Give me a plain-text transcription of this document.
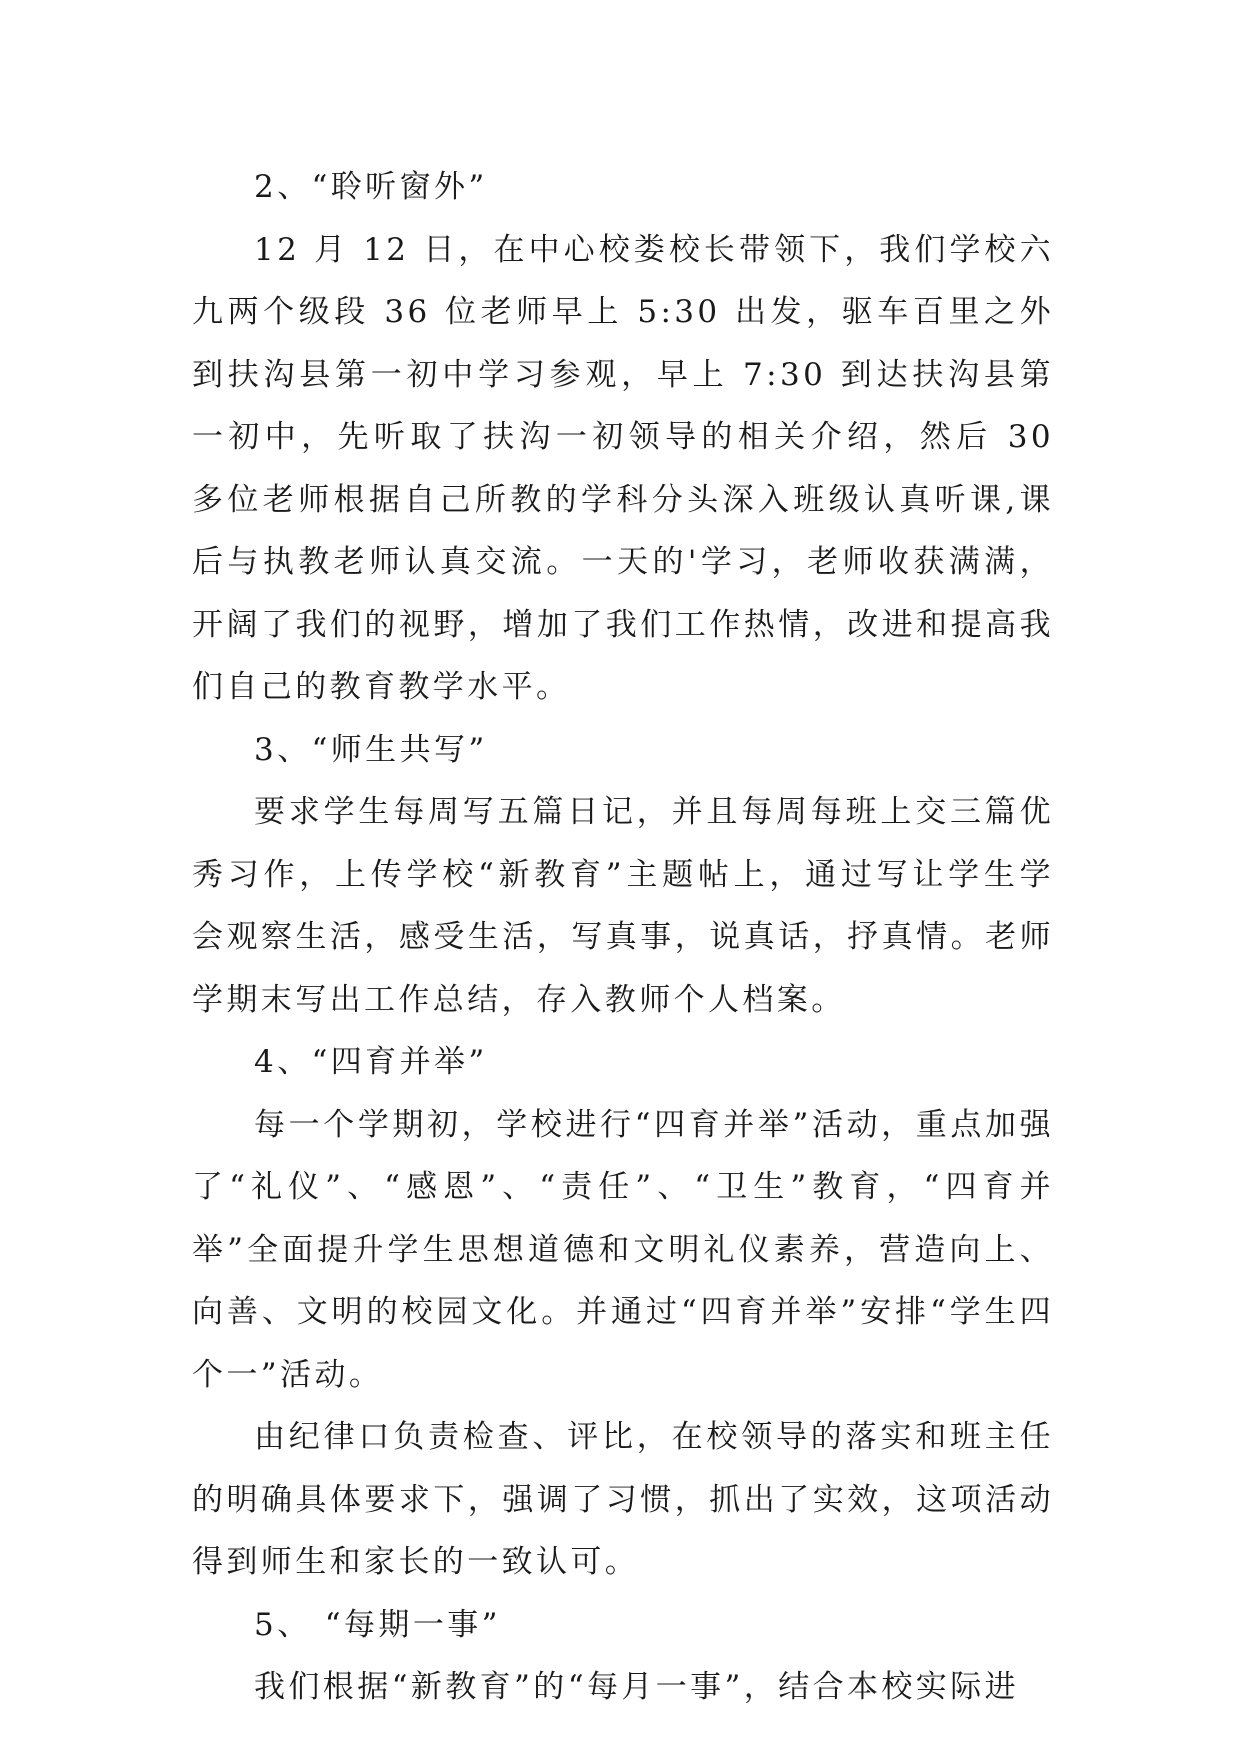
2、“聆听窗外”

12 月 12 日，在中心校娄校长带领下，我们学校六九两个级段 36 位老师早上 5:30 出发，驱车百里之外到扶沟县第一初中学习参观，早上 7:30 到达扶沟县第一初中，先听取了扶沟一初领导的相关介绍，然后 30 多位老师根据自己所教的学科分头深入班级认真听课,课后与执教老师认真交流。一天的'学习，老师收获满满，开阔了我们的视野，增加了我们工作热情，改进和提高我们自己的教育教学水平。

3、“师生共写”

要求学生每周写五篇日记，并且每周每班上交三篇优秀习作，上传学校“新教育”主题帖上，通过写让学生学会观察生活，感受生活，写真事，说真话，抒真情。老师学期末写出工作总结，存入教师个人档案。

4、“四育并举”

每一个学期初，学校进行“四育并举”活动，重点加强了“礼仪”、“感恩”、“责任”、“卫生”教育，“四育并举”全面提升学生思想道德和文明礼仪素养，营造向上、向善、文明的校园文化。并通过“四育并举”安排“学生四个一”活动。

由纪律口负责检查、评比，在校领导的落实和班主任的明确具体要求下，强调了习惯，抓出了实效，这项活动得到师生和家长的一致认可。

5、 “每期一事”

我们根据“新教育”的“每月一事”，结合本校实际进
